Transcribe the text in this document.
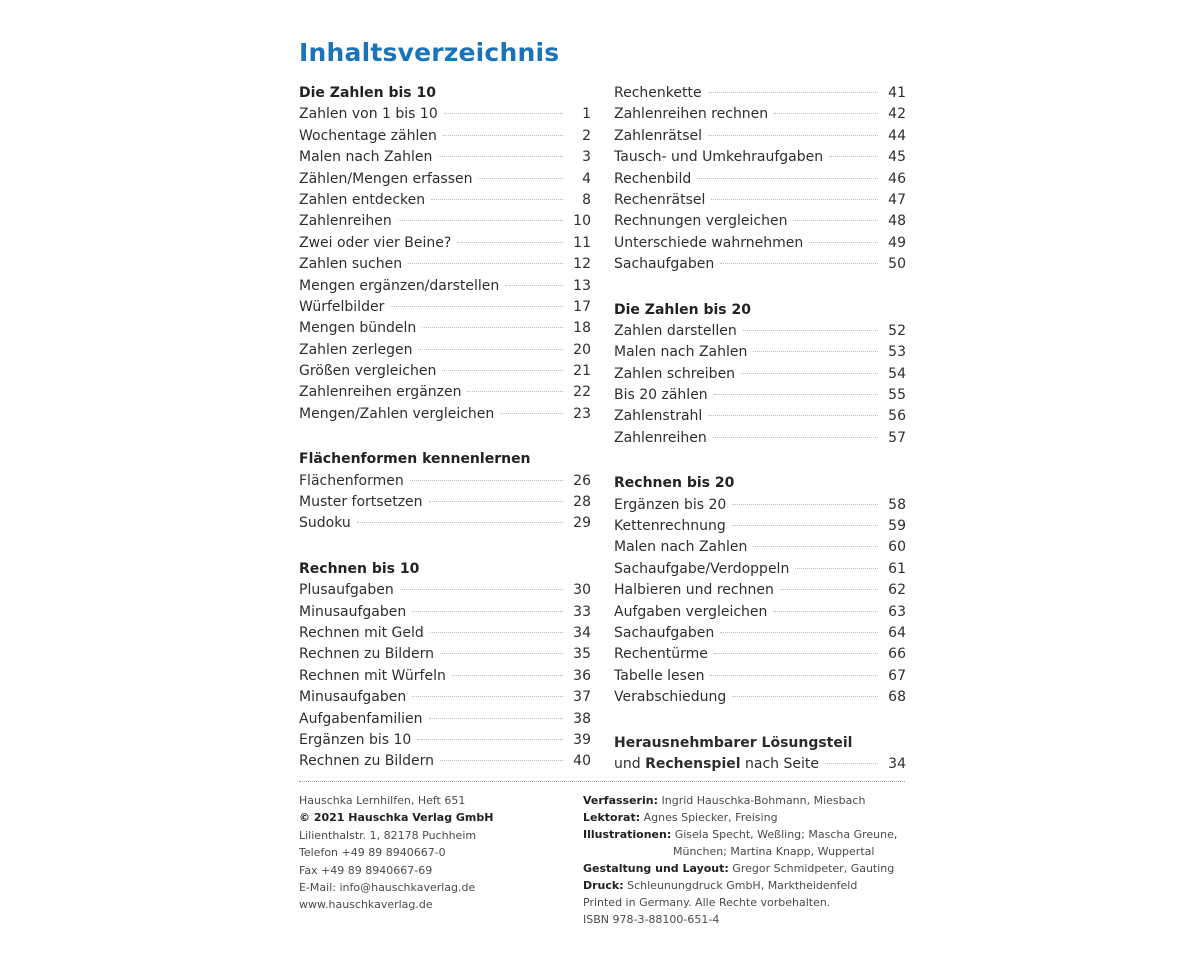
Inhaltsverzeichnis
Die Zahlen bis 10
Zahlen von 1 bis 10	1
Wochentage zählen	2
Malen nach Zahlen	3
Zählen/Mengen erfassen	4
Zahlen entdecken	8
Zahlenreihen	10
Zwei oder vier Beine?	11
Zahlen suchen	12
Mengen ergänzen/darstellen	13
Würfelbilder	17
Mengen bündeln	18
Zahlen zerlegen	20
Größen vergleichen	21
Zahlenreihen ergänzen	22
Mengen/Zahlen vergleichen	23
Flächenformen kennenlernen
Flächenformen	26
Muster fortsetzen	28
Sudoku	29
Rechnen bis 10
Plusaufgaben	30
Minusaufgaben	33
Rechnen mit Geld	34
Rechnen zu Bildern	35
Rechnen mit Würfeln	36
Minusaufgaben	37
Aufgabenfamilien	38
Ergänzen bis 10	39
Rechnen zu Bildern	40
Rechenkette	41
Zahlenreihen rechnen	42
Zahlenrätsel	44
Tausch- und Umkehraufgaben	45
Rechenbild	46
Rechenrätsel	47
Rechnungen vergleichen	48
Unterschiede wahrnehmen	49
Sachaufgaben	50
Die Zahlen bis 20
Zahlen darstellen	52
Malen nach Zahlen	53
Zahlen schreiben	54
Bis 20 zählen	55
Zahlenstrahl	56
Zahlenreihen	57
Rechnen bis 20
Ergänzen bis 20	58
Kettenrechnung	59
Malen nach Zahlen	60
Sachaufgabe/Verdoppeln	61
Halbieren und rechnen	62
Aufgaben vergleichen	63
Sachaufgaben	64
Rechentürme	66
Tabelle lesen	67
Verabschiedung	68
Herausnehmbarer Lösungsteil
und Rechenspiel nach Seite	34
Hauschka Lernhilfen, Heft 651
© 2021 Hauschka Verlag GmbH
Lilienthalstr. 1, 82178 Puchheim
Telefon +49 89 8940667-0
Fax +49 89 8940667-69
E-Mail: info@hauschkaverlag.de
www.hauschkaverlag.de
Verfasserin: Ingrid Hauschka-Bohmann, Miesbach
Lektorat: Agnes Spiecker, Freising
Illustrationen: Gisela Specht, Weßling; Mascha Greune,
München; Martina Knapp, Wuppertal
Gestaltung und Layout: Gregor Schmidpeter, Gauting
Druck: Schleunungdruck GmbH, Marktheidenfeld
Printed in Germany. Alle Rechte vorbehalten.
ISBN 978-3-88100-651-4
